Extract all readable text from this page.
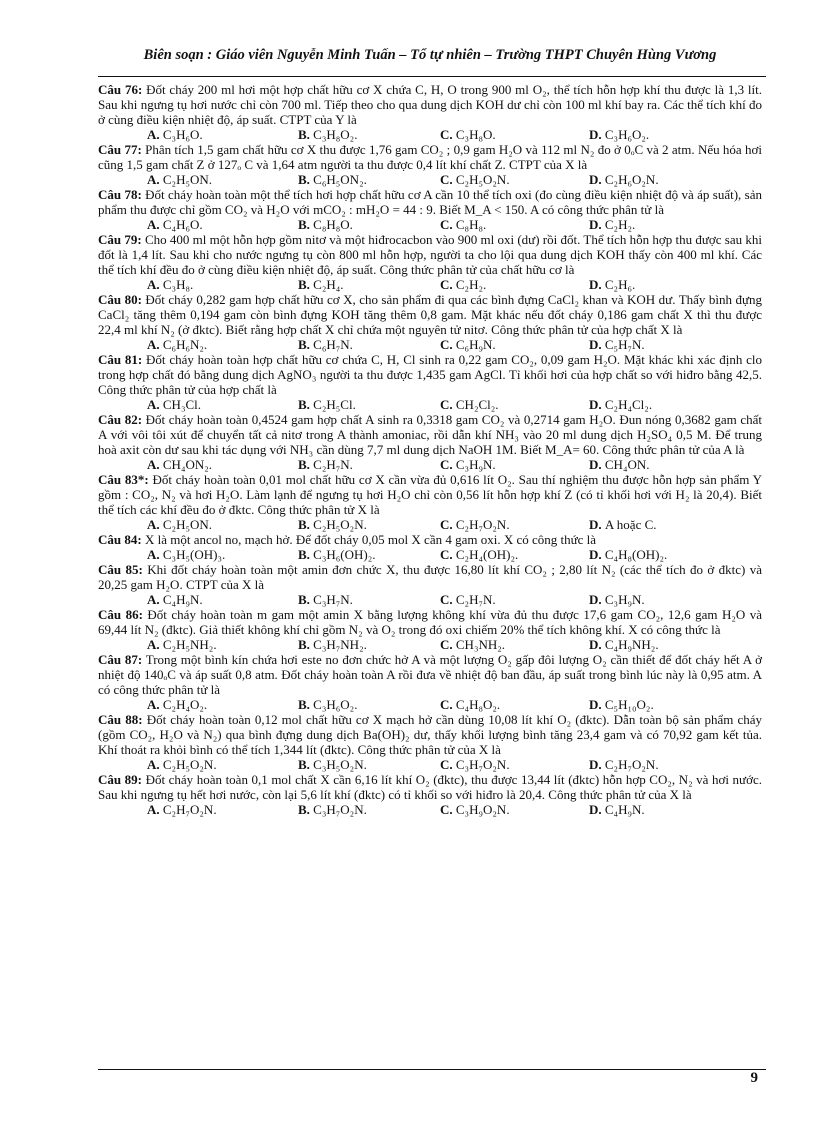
Biên soạn : Giáo viên Nguyễn Minh Tuấn – Tổ tự nhiên – Trường THPT Chuyên Hùng Vương
Câu 76: Đốt cháy 200 ml hơi một hợp chất hữu cơ X chứa C, H, O trong 900 ml O₂, thể tích hỗn hợp khí thu được là 1,3 lít. Sau khi ngưng tụ hơi nước chỉ còn 700 ml. Tiếp theo cho qua dung dịch KOH dư chỉ còn 100 ml khí bay ra. Các thể tích khí đo ở cùng điều kiện nhiệt độ, áp suất. CTPT của Y là
A. C₃H₆O.	B. C₃H₈O₂.	C. C₃H₈O.	D. C₃H₆O₂.
Câu 77: Phân tích 1,5 gam chất hữu cơ X thu được 1,76 gam CO₂ ; 0,9 gam H₂O và 112 ml N₂ đo ở 0ₒC và 2 atm. Nếu hóa hơi cũng 1,5 gam chất Z ở 127ₒ C và 1,64 atm người ta thu được 0,4 lít khí chất Z. CTPT của X là
A. C₂H₅ON.	B. C₆H₅ON₂.	C. C₂H₅O₂N.	D. C₂H₆O₂N.
Câu 78: Đốt cháy hoàn toàn một thể tích hơi hợp chất hữu cơ A cần 10 thể tích oxi (đo cùng điều kiện nhiệt độ và áp suất), sản phẩm thu được chỉ gồm CO₂ và H₂O với mCO₂ : mH₂O = 44 : 9. Biết M_A < 150. A có công thức phân tử là
A. C₄H₆O.	B. C₈H₈O.	C. C₈H₈.	D. C₂H₂.
Câu 79: Cho 400 ml một hỗn hợp gồm nitơ và một hiđrocacbon vào 900 ml oxi (dư) rồi đốt. Thể tích hỗn hợp thu được sau khi đốt là 1,4 lít. Sau khi cho nước ngưng tụ còn 800 ml hỗn hợp, người ta cho lội qua dung dịch KOH thấy còn 400 ml khí. Các thể tích khí đều đo ở cùng điều kiện nhiệt độ, áp suất. Công thức phân tử của chất hữu cơ là
A. C₃H₈.	B. C₂H₄.	C. C₂H₂.	D. C₂H₆.
Câu 80: Đốt cháy 0,282 gam hợp chất hữu cơ X, cho sản phẩm đi qua các bình đựng CaCl₂ khan và KOH dư. Thấy bình đựng CaCl₂ tăng thêm 0,194 gam còn bình đựng KOH tăng thêm 0,8 gam. Mặt khác nếu đốt cháy 0,186 gam chất X thì thu được 22,4 ml khí N₂ (ở đktc). Biết rằng hợp chất X chỉ chứa một nguyên tử nitơ. Công thức phân tử của hợp chất X là
A. C₆H₆N₂.	B. C₆H₇N.	C. C₆H₉N.	D. C₅H₇N.
Câu 81: Đốt cháy hoàn toàn hợp chất hữu cơ chứa C, H, Cl sinh ra 0,22 gam CO₂, 0,09 gam H₂O. Mặt khác khi xác định clo trong hợp chất đó bằng dung dịch AgNO₃ người ta thu được 1,435 gam AgCl. Tỉ khối hơi của hợp chất so với hiđro bằng 42,5. Công thức phân tử của hợp chất là
A. CH₃Cl.	B. C₂H₅Cl.	C. CH₂Cl₂.	D. C₂H₄Cl₂.
Câu 82: Đốt cháy hoàn toàn 0,4524 gam hợp chất A sinh ra 0,3318 gam CO₂ và 0,2714 gam H₂O. Đun nóng 0,3682 gam chất A với vôi tôi xút để chuyển tất cả nitơ trong A thành amoniac, rồi dẫn khí NH₃ vào 20 ml dung dịch H₂SO₄ 0,5 M. Để trung hoà axit còn dư sau khi tác dụng với NH₃ cần dùng 7,7 ml dung dịch NaOH 1M. Biết M_A= 60. Công thức phân tử của A là
A. CH₄ON₂.	B. C₂H₇N.	C. C₃H₉N.	D. CH₄ON.
Câu 83*: Đốt cháy hoàn toàn 0,01 mol chất hữu cơ X cần vừa đủ 0,616 lít O₂. Sau thí nghiệm thu được hỗn hợp sản phẩm Y gồm : CO₂, N₂ và hơi H₂O. Làm lạnh để ngưng tụ hơi H₂O chỉ còn 0,56 lít hỗn hợp khí Z (có tỉ khối hơi với H₂ là 20,4). Biết thể tích các khí đều đo ở đktc. Công thức phân tử X là
A. C₂H₅ON.	B. C₂H₅O₂N.	C. C₂H₇O₂N.	D. A hoặc C.
Câu 84: X là một ancol no, mạch hở. Để đốt cháy 0,05 mol X cần 4 gam oxi. X có công thức là
A. C₃H₅(OH)₃.	B. C₃H₆(OH)₂.	C. C₂H₄(OH)₂.	D. C₄H₈(OH)₂.
Câu 85: Khi đốt cháy hoàn toàn một amin đơn chức X, thu được 16,80 lít khí CO₂ ; 2,80 lít N₂ (các thể tích đo ở đktc) và 20,25 gam H₂O. CTPT của X là
A. C₄H₉N.	B. C₃H₇N.	C. C₂H₇N.	D. C₃H₉N.
Câu 86: Đốt cháy hoàn toàn m gam một amin X bằng lượng không khí vừa đủ thu được 17,6 gam CO₂, 12,6 gam H₂O và 69,44 lít N₂ (đktc). Giả thiết không khí chỉ gồm N₂ và O₂ trong đó oxi chiếm 20% thể tích không khí. X có công thức là
A. C₂H₅NH₂.	B. C₃H₇NH₂.	C. CH₃NH₂.	D. C₄H₉NH₂.
Câu 87: Trong một bình kín chứa hơi este no đơn chức hở A và một lượng O₂ gấp đôi lượng O₂ cần thiết để đốt cháy hết A ở nhiệt độ 140ₒC và áp suất 0,8 atm. Đốt cháy hoàn toàn A rồi đưa về nhiệt độ ban đầu, áp suất trong bình lúc này là 0,95 atm. A có công thức phân tử là
A. C₂H₄O₂.	B. C₃H₆O₂.	C. C₄H₈O₂.	D. C₅H₁₀O₂.
Câu 88: Đốt cháy hoàn toàn 0,12 mol chất hữu cơ X mạch hở cần dùng 10,08 lít khí O₂ (đktc). Dẫn toàn bộ sản phẩm cháy (gồm CO₂, H₂O và N₂) qua bình đựng dung dịch Ba(OH)₂ dư, thấy khối lượng bình tăng 23,4 gam và có 70,92 gam kết tủa. Khí thoát ra khỏi bình có thể tích 1,344 lít (đktc). Công thức phân tử của X là
A. C₂H₅O₂N.	B. C₃H₅O₂N.	C. C₃H₇O₂N.	D. C₂H₇O₂N.
Câu 89: Đốt cháy hoàn toàn 0,1 mol chất X cần 6,16 lít khí O₂ (đktc), thu được 13,44 lít (đktc) hỗn hợp CO₂, N₂ và hơi nước. Sau khi ngưng tụ hết hơi nước, còn lại 5,6 lít khí (đktc) có tỉ khối so với hiđro là 20,4. Công thức phân tử của X là
A. C₂H₇O₂N.	B. C₃H₇O₂N.	C. C₃H₉O₂N.	D. C₄H₉N.
9
